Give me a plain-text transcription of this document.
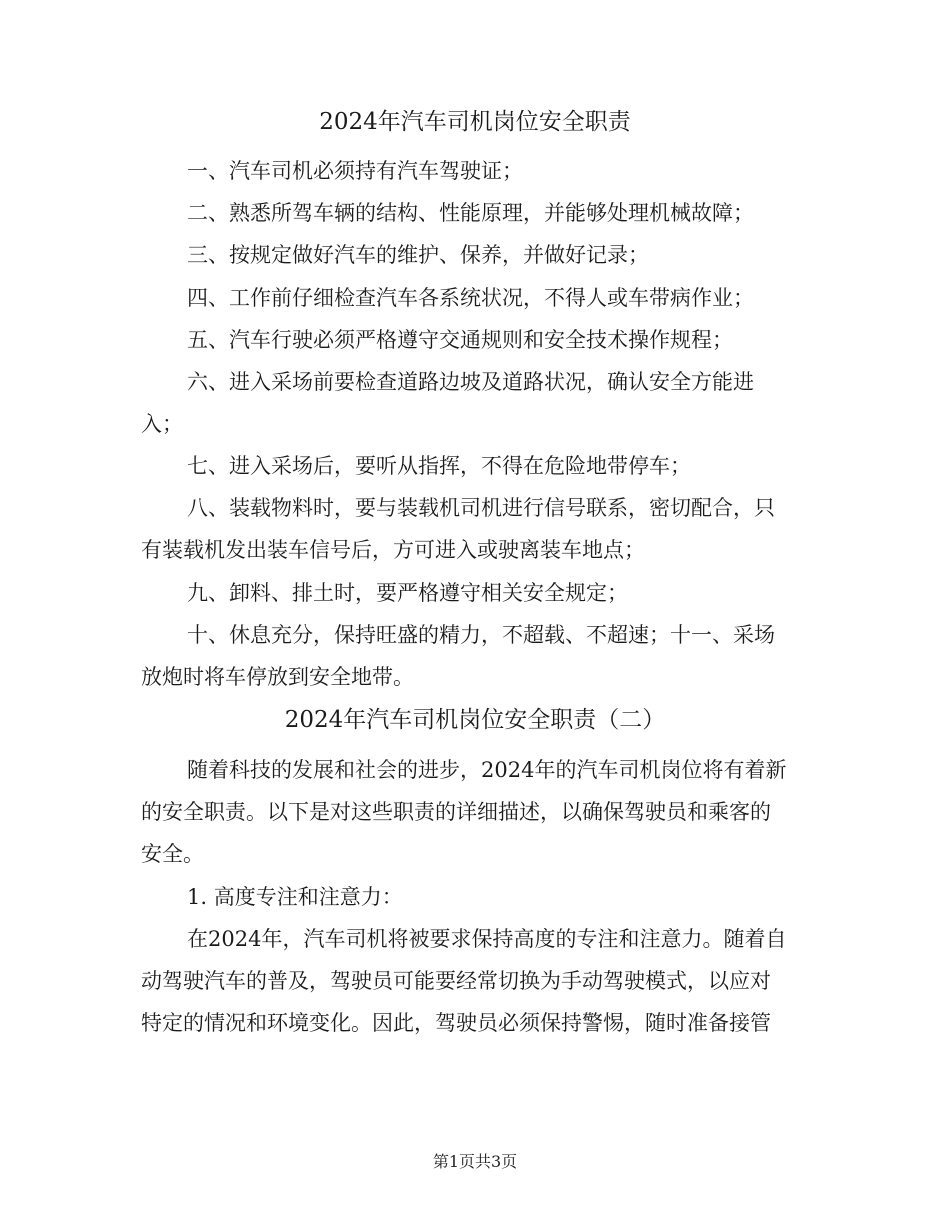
2024年汽车司机岗位安全职责
一、汽车司机必须持有汽车驾驶证；
二、熟悉所驾车辆的结构、性能原理，并能够处理机械故障；
三、按规定做好汽车的维护、保养，并做好记录；
四、工作前仔细检查汽车各系统状况，不得人或车带病作业；
五、汽车行驶必须严格遵守交通规则和安全技术操作规程；
六、进入采场前要检查道路边坡及道路状况，确认安全方能进
入；
七、进入采场后，要听从指挥，不得在危险地带停车；
八、装载物料时，要与装载机司机进行信号联系，密切配合，只
有装载机发出装车信号后，方可进入或驶离装车地点；
九、卸料、排土时，要严格遵守相关安全规定；
十、休息充分，保持旺盛的精力，不超载、不超速；十一、采场
放炮时将车停放到安全地带。
2024年汽车司机岗位安全职责（二）
随着科技的发展和社会的进步，2024年的汽车司机岗位将有着新
的安全职责。以下是对这些职责的详细描述，以确保驾驶员和乘客的
安全。
1. 高度专注和注意力：
在2024年，汽车司机将被要求保持高度的专注和注意力。随着自
动驾驶汽车的普及，驾驶员可能要经常切换为手动驾驶模式，以应对
特定的情况和环境变化。因此，驾驶员必须保持警惕，随时准备接管
第1页共3页
